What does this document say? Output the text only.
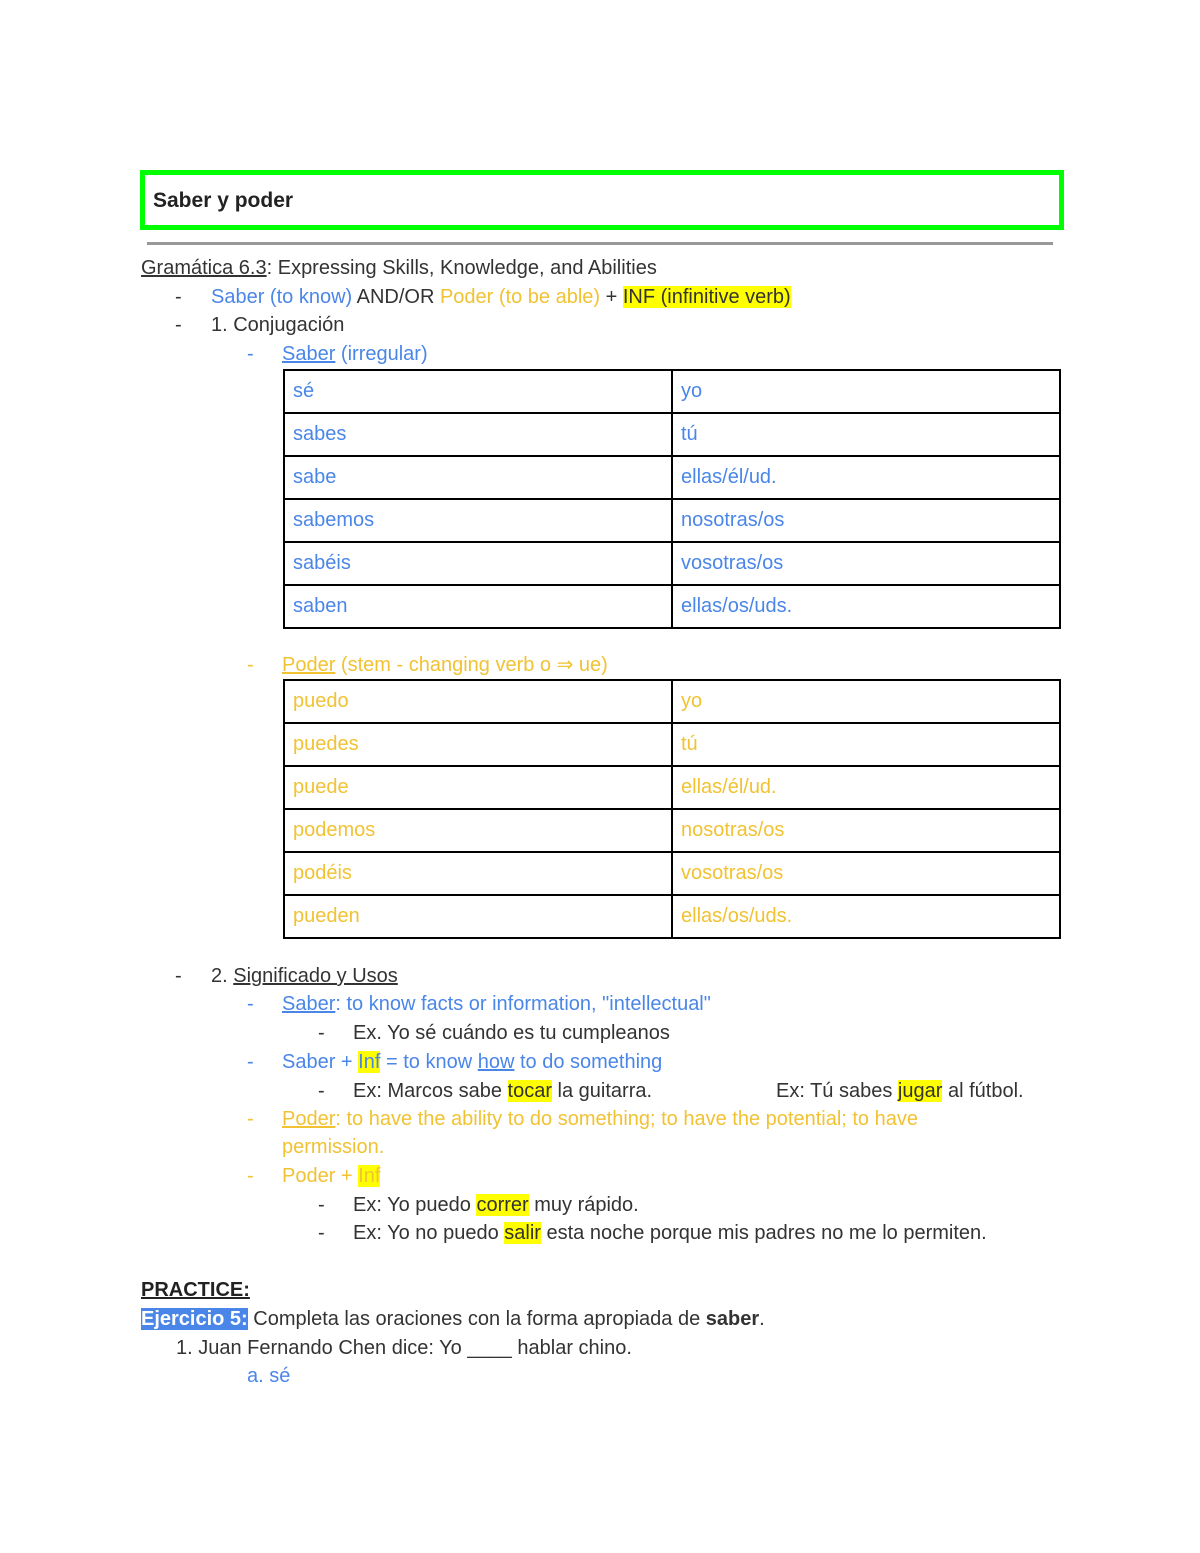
Saber y poder
Gramática 6.3: Expressing Skills, Knowledge, and Abilities
- Saber (to know) AND/OR Poder (to be able) + INF (infinitive verb)
- 1. Conjugación
- Saber (irregular)
sé	yo
sabes	tú
sabe	ellas/él/ud.
sabemos	nosotras/os
sabéis	vosotras/os
saben	ellas/os/uds.
- Poder (stem - changing verb o ⇒ ue)
puedo	yo
puedes	tú
puede	ellas/él/ud.
podemos	nosotras/os
podéis	vosotras/os
pueden	ellas/os/uds.
- 2. Significado y Usos
- Saber: to know facts or information, "intellectual"
- Ex. Yo sé cuándo es tu cumpleanos
- Saber + Inf = to know how to do something
- Ex: Marcos sabe tocar la guitarra.	Ex: Tú sabes jugar al fútbol.
- Poder: to have the ability to do something; to have the potential; to have
permission.
- Poder + Inf
- Ex: Yo puedo correr muy rápido.
- Ex: Yo no puedo salir esta noche porque mis padres no me lo permiten.
PRACTICE:
Ejercicio 5: Completa las oraciones con la forma apropiada de saber.
1. Juan Fernando Chen dice: Yo ____ hablar chino.
a. sé
